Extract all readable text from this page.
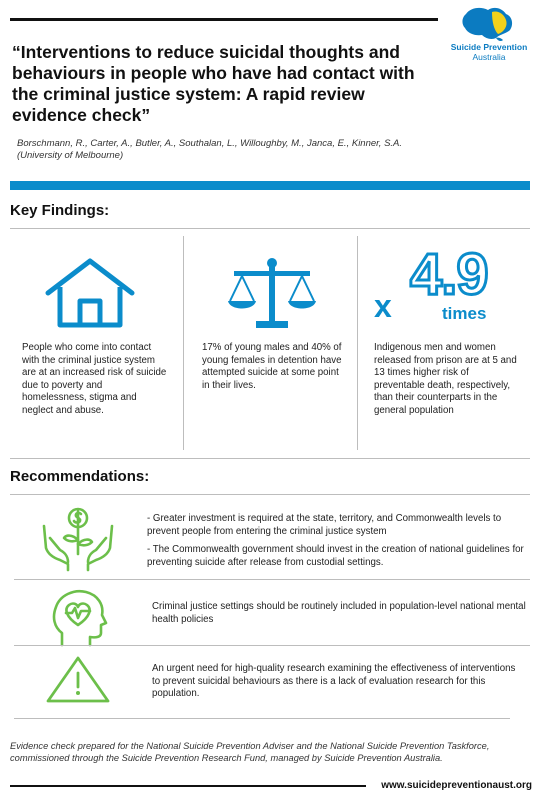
Suicide Prevention
Australia
“Interventions to reduce suicidal thoughts and behaviours in people who have had contact with the criminal justice system: A rapid review evidence check”
Borschmann, R., Carter, A., Butler, A., Southalan, L., Willoughby, M., Janca, E., Kinner, S.A.
(University of Melbourne)
Key Findings:
People who come into contact with the criminal justice system are at an increased risk of suicide due to poverty and homelessness, stigma and neglect and abuse.
17% of young males and 40% of young females in detention have attempted suicide at some point in their lives.
x 4.9
times
Indigenous men and women released from prison are at 5 and 13 times higher risk of preventable death, respectively, than their counterparts in the general population
Recommendations:

- Greater investment is required at the state, territory, and Commonwealth levels to prevent people from entering the criminal justice system

- The Commonwealth government should invest in the creation of national guidelines for preventing suicide after release from custodial settings.

Criminal justice settings should be routinely included in population-level national mental health policies

An urgent need for high-quality research examining the effectiveness of interventions to prevent suicidal behaviours as there is a lack of evaluation research for this population.

Evidence check prepared for the National Suicide Prevention Adviser and the National Suicide Prevention Taskforce, commissioned through the Suicide Prevention Research Fund, managed by Suicide Prevention Australia.
www.suicidepreventionaust.org
